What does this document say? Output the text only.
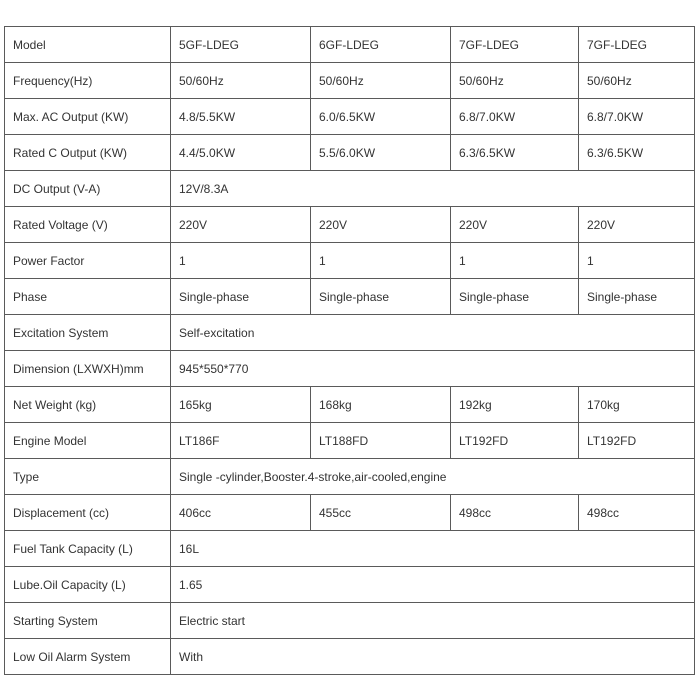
Model	5GF-LDEG	6GF-LDEG	7GF-LDEG	7GF-LDEG
Frequency(Hz)	50/60Hz	50/60Hz	50/60Hz	50/60Hz
Max. AC Output (KW)	4.8/5.5KW	6.0/6.5KW	6.8/7.0KW	6.8/7.0KW
Rated C Output (KW)	4.4/5.0KW	5.5/6.0KW	6.3/6.5KW	6.3/6.5KW
DC Output (V-A)	12V/8.3A			
Rated Voltage (V)	220V	220V	220V	220V
Power Factor	1	1	1	1
Phase	Single-phase	Single-phase	Single-phase	Single-phase
Excitation System	Self-excitation			
Dimension (LXWXH)mm	945*550*770			
Net Weight (kg)	165kg	168kg	192kg	170kg
Engine Model	LT186F	LT188FD	LT192FD	LT192FD
Type	Single -cylinder,Booster.4-stroke,air-cooled,engine			
Displacement (cc)	406cc	455cc	498cc	498cc
Fuel Tank Capacity (L)	16L			
Lube.Oil Capacity (L)	1.65			
Starting System	Electric start			
Low Oil Alarm System	With			
